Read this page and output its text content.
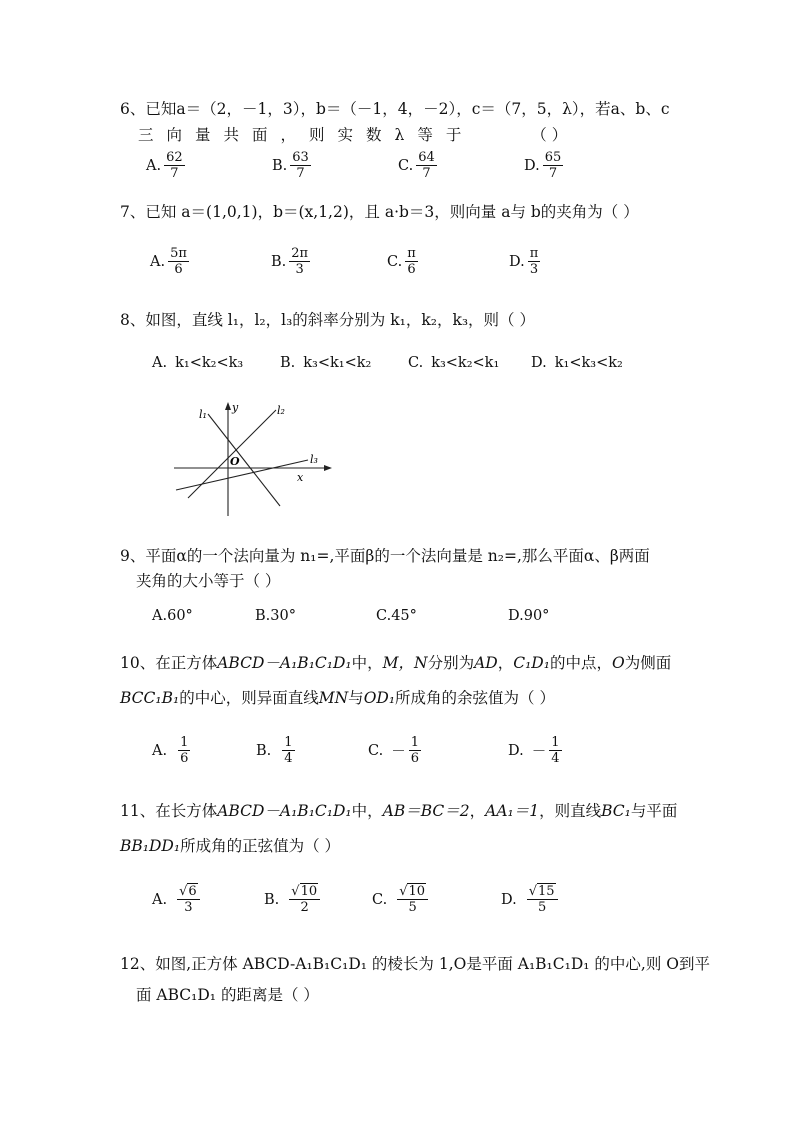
6、已知a＝（2，－1，3），b＝（－1，4，－2），c＝（7，5，λ），若a、b、c
三向量共面，则实数λ等于	（ ）
A. $\frac{62}{7}$	B. $\frac{63}{7}$	C. $\frac{64}{7}$	D. $\frac{65}{7}$
7、已知 a＝(1,0,1)，b＝(x,1,2)，且 a·b＝3，则向量 a与 b的夹角为（ ）
A. $\frac{5\pi}{6}$	B. $\frac{2\pi}{3}$	C. $\frac{\pi}{6}$	D. $\frac{\pi}{3}$
8、如图，直线 l₁，l₂，l₃的斜率分别为 k₁，k₂，k₃，则（ ）
A. k₁<k₂<k₃	B. k₃<k₁<k₂	C. k₃<k₂<k₁ D. k₁<k₃<k₂
l₁
y	l₂
O	l₃
x
9、平面α的一个法向量为 n₁=,平面β的一个法向量是 n₂=,那么平面α、β两面
夹角的大小等于（ ）
A. 60°	B. 30°	C. 45°	D. 90°
10、在正方体ABCD－A₁B₁C₁D₁中，M，N分别为AD，C₁D₁的中点，O为侧面
BCC₁B₁的中心，则异面直线MN与OD₁所成角的余弦值为（ ）
A. $\frac{1}{6}$	B. $\frac{1}{4}$	C. － $\frac{1}{6}$	D. － $\frac{1}{4}$
11、在长方体ABCD－A₁B₁C₁D₁中，AB＝BC＝2，AA₁＝1，则直线BC₁与平面
BB₁DD₁所成角的正弦值为（ ）
A. $\frac{√6}{3}$	B. $\frac{√10}{2}$	C. $\frac{√10}{5}$	D. $\frac{√15}{5}$
12、如图,正方体 ABCD-A₁B₁C₁D₁ 的棱长为 1,O是平面 A₁B₁C₁D₁ 的中心,则 O到平
面 ABC₁D₁ 的距离是（ ）
